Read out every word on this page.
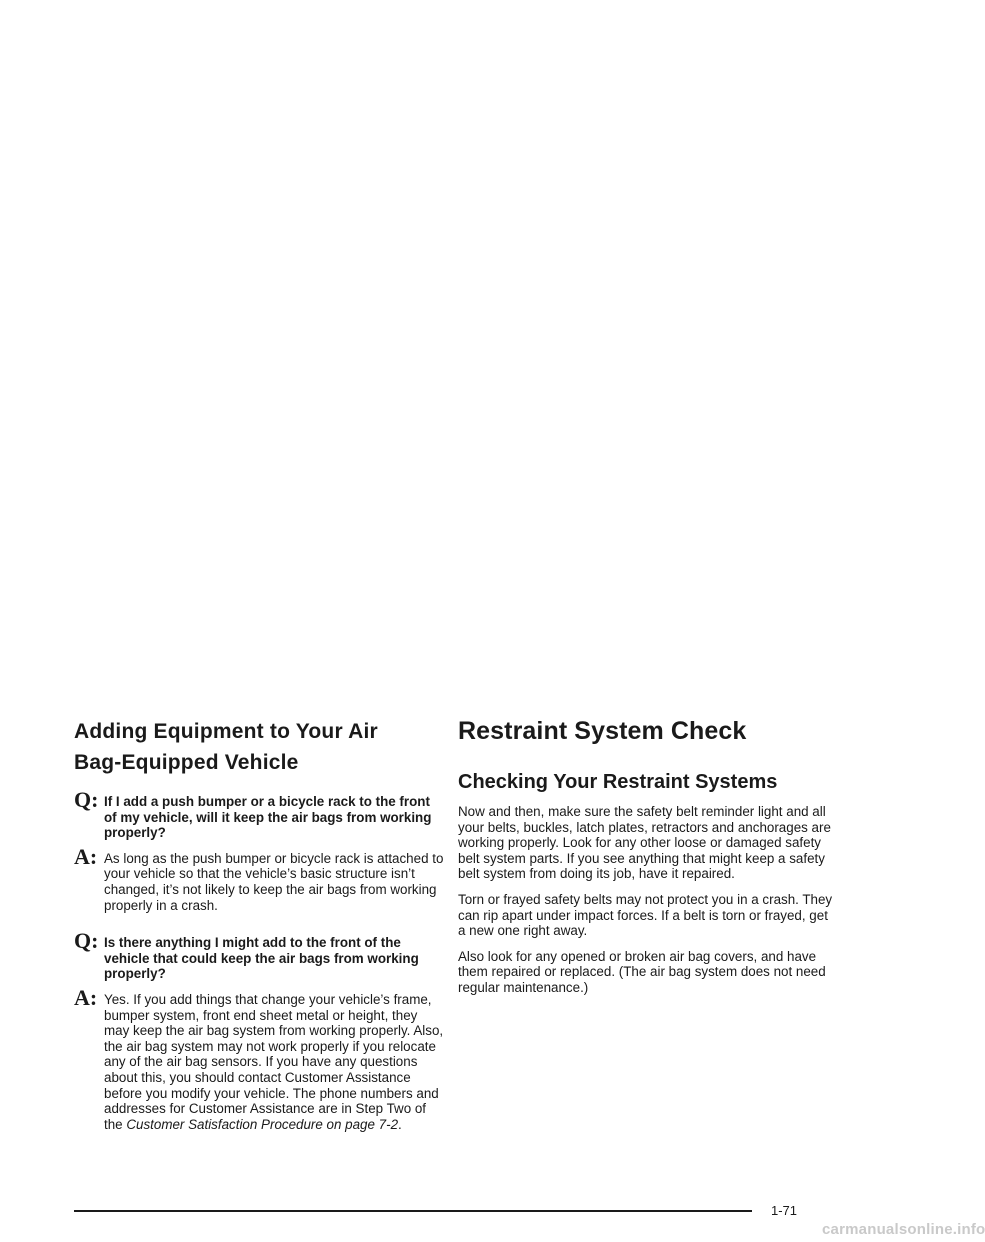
Adding Equipment to Your Air
Bag-Equipped Vehicle
Q: If I add a push bumper or a bicycle rack to the front of my vehicle, will it keep the air bags from working properly?

A: As long as the push bumper or bicycle rack is attached to your vehicle so that the vehicle’s basic structure isn’t changed, it’s not likely to keep the air bags from working properly in a crash.

Q: Is there anything I might add to the front of the vehicle that could keep the air bags from working properly?

A: Yes. If you add things that change your vehicle’s frame, bumper system, front end sheet metal or height, they may keep the air bag system from working properly. Also, the air bag system may not work properly if you relocate any of the air bag sensors. If you have any questions about this, you should contact Customer Assistance before you modify your vehicle. The phone numbers and addresses for Customer Assistance are in Step Two of the Customer Satisfaction Procedure on page 7-2.

Restraint System Check
Checking Your Restraint Systems

Now and then, make sure the safety belt reminder light and all your belts, buckles, latch plates, retractors and anchorages are working properly. Look for any other loose or damaged safety belt system parts. If you see anything that might keep a safety belt system from doing its job, have it repaired.

Torn or frayed safety belts may not protect you in a crash. They can rip apart under impact forces. If a belt is torn or frayed, get a new one right away.

Also look for any opened or broken air bag covers, and have them repaired or replaced. (The air bag system does not need regular maintenance.)

1-71
carmanualsonline.info
